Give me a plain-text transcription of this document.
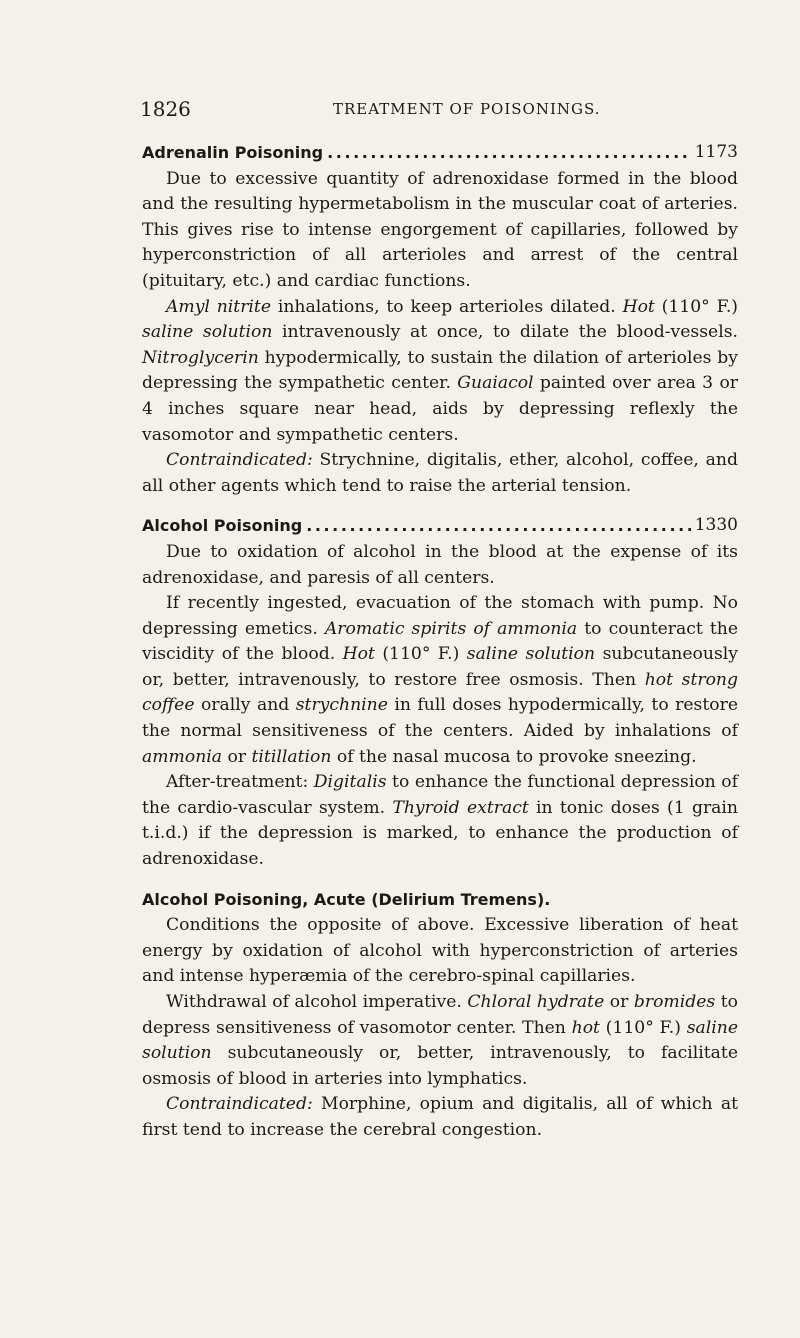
1826	TREATMENT OF POISONINGS.
Adrenalin Poisoning . . .	1173

Due to excessive quantity of adrenoxidase formed in the blood and the resulting hypermetabolism in the muscular coat of arteries. This gives rise to intense engorgement of capillaries, followed by hyperconstriction of all arterioles and arrest of the central (pituitary, etc.) and cardiac functions.

Amyl nitrite inhalations, to keep arterioles dilated. Hot (110° F.) saline solution intravenously at once, to dilate the blood-vessels. Nitroglycerin hypodermically, to sustain the dilation of arterioles by depressing the sympathetic center. Guaiacol painted over area 3 or 4 inches square near head, aids by depressing reflexly the vasomotor and sympathetic centers.

Contraindicated: Strychnine, digitalis, ether, alcohol, coffee, and all other agents which tend to raise the arterial tension.

Alcohol Poisoning . . .	1330

Due to oxidation of alcohol in the blood at the expense of its adrenoxidase, and paresis of all centers.

If recently ingested, evacuation of the stomach with pump. No depressing emetics. Aromatic spirits of ammonia to counteract the viscidity of the blood. Hot (110° F.) saline solution subcutaneously or, better, intravenously, to restore free osmosis. Then hot strong coffee orally and strychnine in full doses hypodermically, to restore the normal sensitiveness of the centers. Aided by inhalations of ammonia or titillation of the nasal mucosa to provoke sneezing.

After-treatment: Digitalis to enhance the functional depression of the cardio-vascular system. Thyroid extract in tonic doses (1 grain t.i.d.) if the depression is marked, to enhance the production of adrenoxidase.

Alcohol Poisoning, Acute (Delirium Tremens).

Conditions the opposite of above. Excessive liberation of heat energy by oxidation of alcohol with hyperconstriction of arteries and intense hyperæmia of the cerebro-spinal capillaries.

Withdrawal of alcohol imperative. Chloral hydrate or bromides to depress sensitiveness of vasomotor center. Then hot (110° F.) saline solution subcutaneously or, better, intravenously, to facilitate osmosis of blood in arteries into lymphatics.

Contraindicated: Morphine, opium and digitalis, all of which at first tend to increase the cerebral congestion.
